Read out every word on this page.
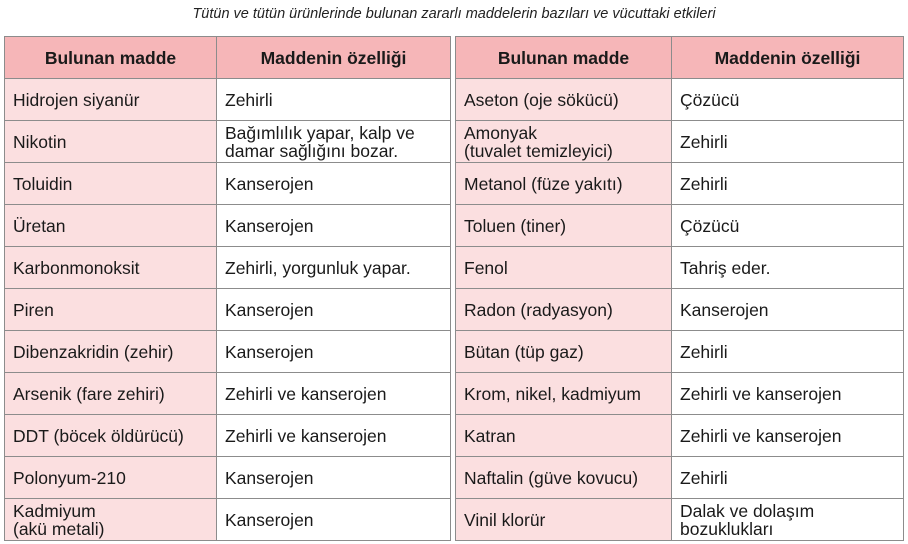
Tütün ve tütün ürünlerinde bulunan zararlı maddelerin bazıları ve vücuttaki etkileri
Bulunan madde	Maddenin özelliği
Hidrojen siyanür	Zehirli
Nikotin	Bağımlılık yapar, kalp ve damar sağlığını bozar.
Toluidin	Kanserojen
Üretan	Kanserojen
Karbonmonoksit	Zehirli, yorgunluk yapar.
Piren	Kanserojen
Dibenzakridin (zehir)	Kanserojen
Arsenik (fare zehiri)	Zehirli ve kanserojen
DDT (böcek öldürücü)	Zehirli ve kanserojen
Polonyum-210	Kanserojen
Kadmiyum
(akü metali)	Kanserojen
Bulunan madde	Maddenin özelliği
Aseton (oje sökücü)	Çözücü
Amonyak
(tuvalet temizleyici)	Zehirli
Metanol (füze yakıtı)	Zehirli
Toluen (tiner)	Çözücü
Fenol	Tahriş eder.
Radon (radyasyon)	Kanserojen
Bütan (tüp gaz)	Zehirli
Krom, nikel, kadmiyum	Zehirli ve kanserojen
Katran	Zehirli ve kanserojen
Naftalin (güve kovucu)	Zehirli
Vinil klorür	Dalak ve dolaşım
bozuklukları
